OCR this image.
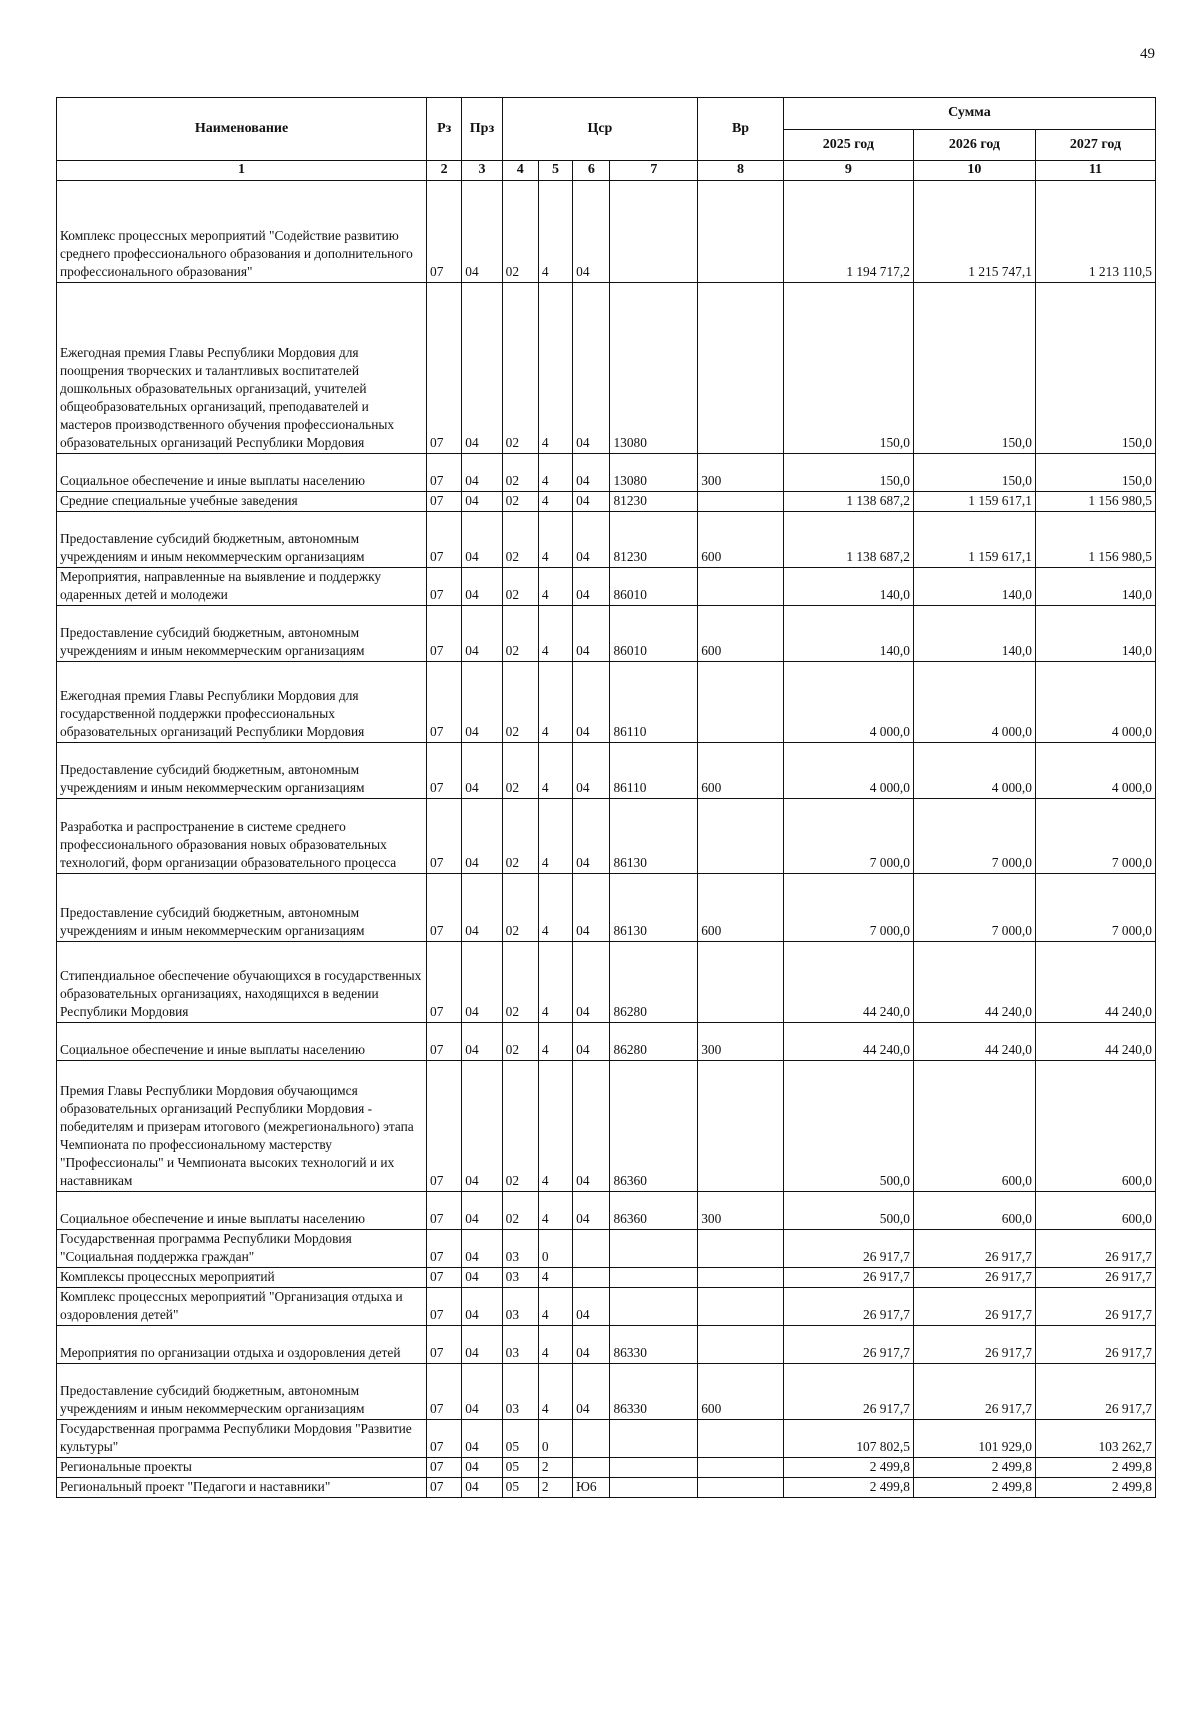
49
Наименование	Рз	Прз	Цср				Вр	Сумма		
								2025 год	2026 год	2027 год
1	2	3	4	5	6	7	8	9	10	11
Комплекс процессных мероприятий "Содействие развитию среднего профессионального образования и дополнительного профессионального образования"	07	04	02	4	04			1 194 717,2	1 215 747,1	1 213 110,5
Ежегодная премия Главы Республики Мордовия для поощрения творческих и талантливых воспитателей дошкольных образовательных организаций, учителей общеобразовательных организаций, преподавателей и мастеров производственного обучения профессиональных образовательных организаций Республики Мордовия	07	04	02	4	04	13080		150,0	150,0	150,0
Социальное обеспечение и иные выплаты населению	07	04	02	4	04	13080	300	150,0	150,0	150,0
Средние специальные учебные заведения	07	04	02	4	04	81230		1 138 687,2	1 159 617,1	1 156 980,5
Предоставление субсидий бюджетным, автономным учреждениям и иным некоммерческим организациям	07	04	02	4	04	81230	600	1 138 687,2	1 159 617,1	1 156 980,5
Мероприятия, направленные на выявление и поддержку одаренных детей и молодежи	07	04	02	4	04	86010		140,0	140,0	140,0
Предоставление субсидий бюджетным, автономным учреждениям и иным некоммерческим организациям	07	04	02	4	04	86010	600	140,0	140,0	140,0
Ежегодная премия Главы Республики Мордовия для государственной поддержки профессиональных образовательных организаций Республики Мордовия	07	04	02	4	04	86110		4 000,0	4 000,0	4 000,0
Предоставление субсидий бюджетным, автономным учреждениям и иным некоммерческим организациям	07	04	02	4	04	86110	600	4 000,0	4 000,0	4 000,0
Разработка и распространение в системе среднего профессионального образования новых образовательных технологий, форм организации образовательного процесса	07	04	02	4	04	86130		7 000,0	7 000,0	7 000,0
Предоставление субсидий бюджетным, автономным учреждениям и иным некоммерческим организациям	07	04	02	4	04	86130	600	7 000,0	7 000,0	7 000,0
Стипендиальное обеспечение обучающихся в государственных образовательных организациях, находящихся в ведении Республики Мордовия	07	04	02	4	04	86280		44 240,0	44 240,0	44 240,0
Социальное обеспечение и иные выплаты населению	07	04	02	4	04	86280	300	44 240,0	44 240,0	44 240,0
Премия Главы Республики Мордовия обучающимся образовательных организаций Республики Мордовия - победителям и призерам итогового (межрегионального) этапа Чемпионата по профессиональному мастерству "Профессионалы" и Чемпионата высоких технологий и их наставникам	07	04	02	4	04	86360		500,0	600,0	600,0
Социальное обеспечение и иные выплаты населению	07	04	02	4	04	86360	300	500,0	600,0	600,0
Государственная программа Республики Мордовия "Социальная поддержка граждан"	07	04	03	0				26 917,7	26 917,7	26 917,7
Комплексы процессных мероприятий	07	04	03	4				26 917,7	26 917,7	26 917,7
Комплекс процессных мероприятий "Организация отдыха и оздоровления детей"	07	04	03	4	04			26 917,7	26 917,7	26 917,7
Мероприятия по организации отдыха и оздоровления детей	07	04	03	4	04	86330		26 917,7	26 917,7	26 917,7
Предоставление субсидий бюджетным, автономным учреждениям и иным некоммерческим организациям	07	04	03	4	04	86330	600	26 917,7	26 917,7	26 917,7
Государственная программа Республики Мордовия "Развитие культуры"	07	04	05	0				107 802,5	101 929,0	103 262,7
Региональные проекты	07	04	05	2				2 499,8	2 499,8	2 499,8
Региональный проект "Педагоги и наставники"	07	04	05	2	Ю6			2 499,8	2 499,8	2 499,8
